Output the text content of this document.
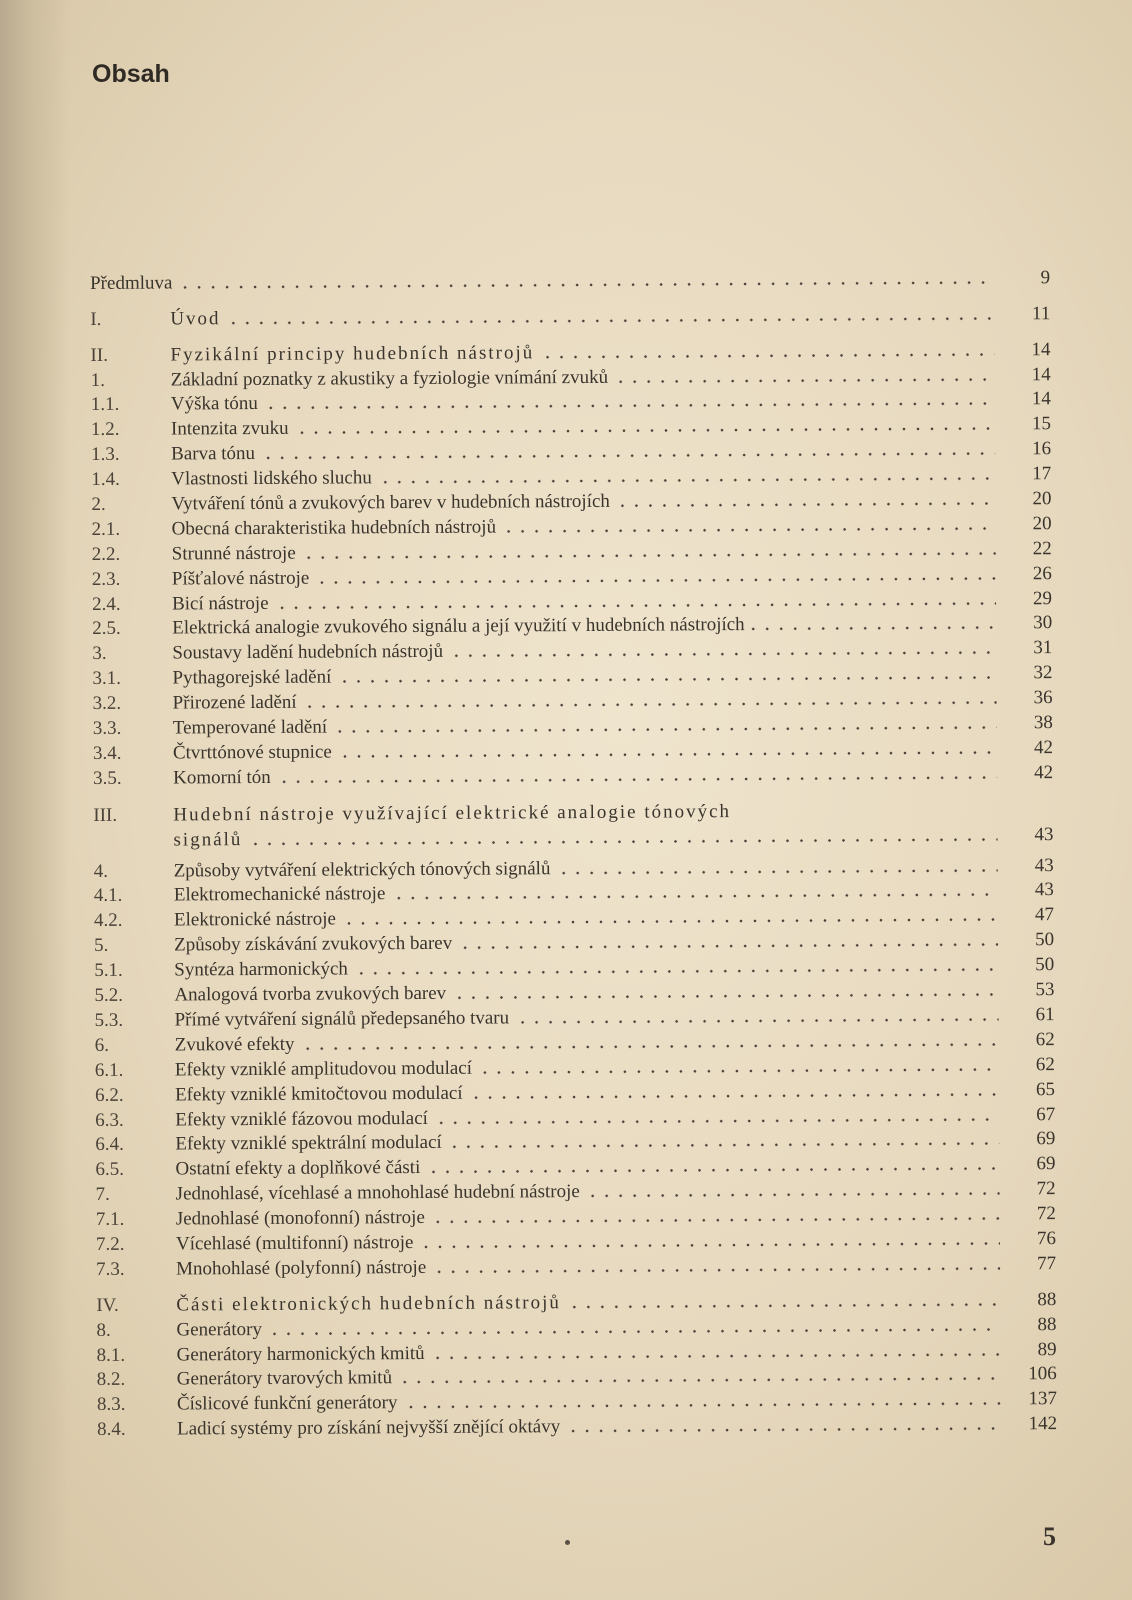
Obsah
Předmluva	9
I.	Úvod	11
II.	Fyzikální principy hudebních nástrojů	14
1.	Základní poznatky z akustiky a fyziologie vnímání zvuků	14
1.1.	Výška tónu	14
1.2.	Intenzita zvuku	15
1.3.	Barva tónu	16
1.4.	Vlastnosti lidského sluchu	17
2.	Vytváření tónů a zvukových barev v hudebních nástrojích	20
2.1.	Obecná charakteristika hudebních nástrojů	20
2.2.	Strunné nástroje	22
2.3.	Píšťalové nástroje	26
2.4.	Bicí nástroje	29
2.5.	Elektrická analogie zvukového signálu a její využití v hudebních nástrojích	30
3.	Soustavy ladění hudebních nástrojů	31
3.1.	Pythagorejské ladění	32
3.2.	Přirozené ladění	36
3.3.	Temperované ladění	38
3.4.	Čtvrttónové stupnice	42
3.5.	Komorní tón	42
III.	Hudební nástroje využívající elektrické analogie tónových
signálů	43
4.	Způsoby vytváření elektrických tónových signálů	43
4.1.	Elektromechanické nástroje	43
4.2.	Elektronické nástroje	47
5.	Způsoby získávání zvukových barev	50
5.1.	Syntéza harmonických	50
5.2.	Analogová tvorba zvukových barev	53
5.3.	Přímé vytváření signálů předepsaného tvaru	61
6.	Zvukové efekty	62
6.1.	Efekty vzniklé amplitudovou modulací	62
6.2.	Efekty vzniklé kmitočtovou modulací	65
6.3.	Efekty vzniklé fázovou modulací	67
6.4.	Efekty vzniklé spektrální modulací	69
6.5.	Ostatní efekty a doplňkové části	69
7.	Jednohlasé, vícehlasé a mnohohlasé hudební nástroje	72
7.1.	Jednohlasé (monofonní) nástroje	72
7.2.	Vícehlasé (multifonní) nástroje	76
7.3.	Mnohohlasé (polyfonní) nástroje	77
IV.	Části elektronických hudebních nástrojů	88
8.	Generátory	88
8.1.	Generátory harmonických kmitů	89
8.2.	Generátory tvarových kmitů	106
8.3.	Číslicové funkční generátory	137
8.4.	Ladicí systémy pro získání nejvyšší znějící oktávy	142
5
